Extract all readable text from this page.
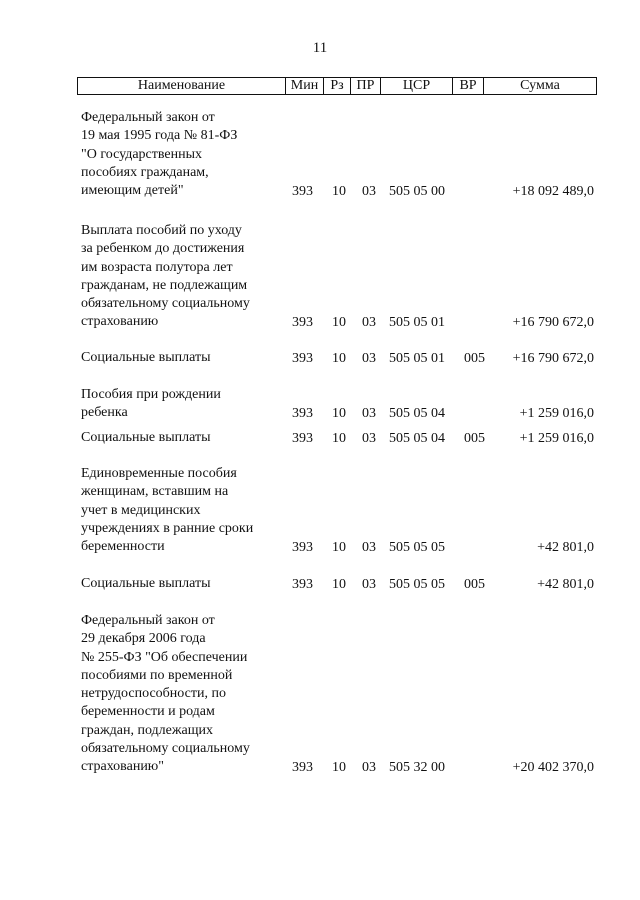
11
Наименование	Мин Рз ПР	ЦСР	ВР	Сумма
Федеральный закон от
19 мая 1995 года № 81-ФЗ
"О государственных
пособиях гражданам,
имеющим детей"	393 10 03 505 05 00	+18 092 489,0
Выплата пособий по уходу
за ребенком до достижения
им возраста полутора лет
гражданам, не подлежащим
обязательному социальному
страхованию	393 10 03 505 05 01	+16 790 672,0
Социальные выплаты	393 10 03 505 05 01 005 +16 790 672,0
Пособия при рождении
ребенка	393 10 03 505 05 04	+1 259 016,0
Социальные выплаты	393 10 03 505 05 04 005 +1 259 016,0
Единовременные пособия
женщинам, вставшим на
учет в медицинских
учреждениях в ранние сроки
беременности	393 10 03 505 05 05	+42 801,0
Социальные выплаты	393 10 03 505 05 05 005	+42 801,0
Федеральный закон от
29 декабря 2006 года
№ 255-ФЗ "Об обеспечении
пособиями по временной
нетрудоспособности, по
беременности и родам
граждан, подлежащих
обязательному социальному
страхованию"	393 10 03 505 32 00	+20 402 370,0
